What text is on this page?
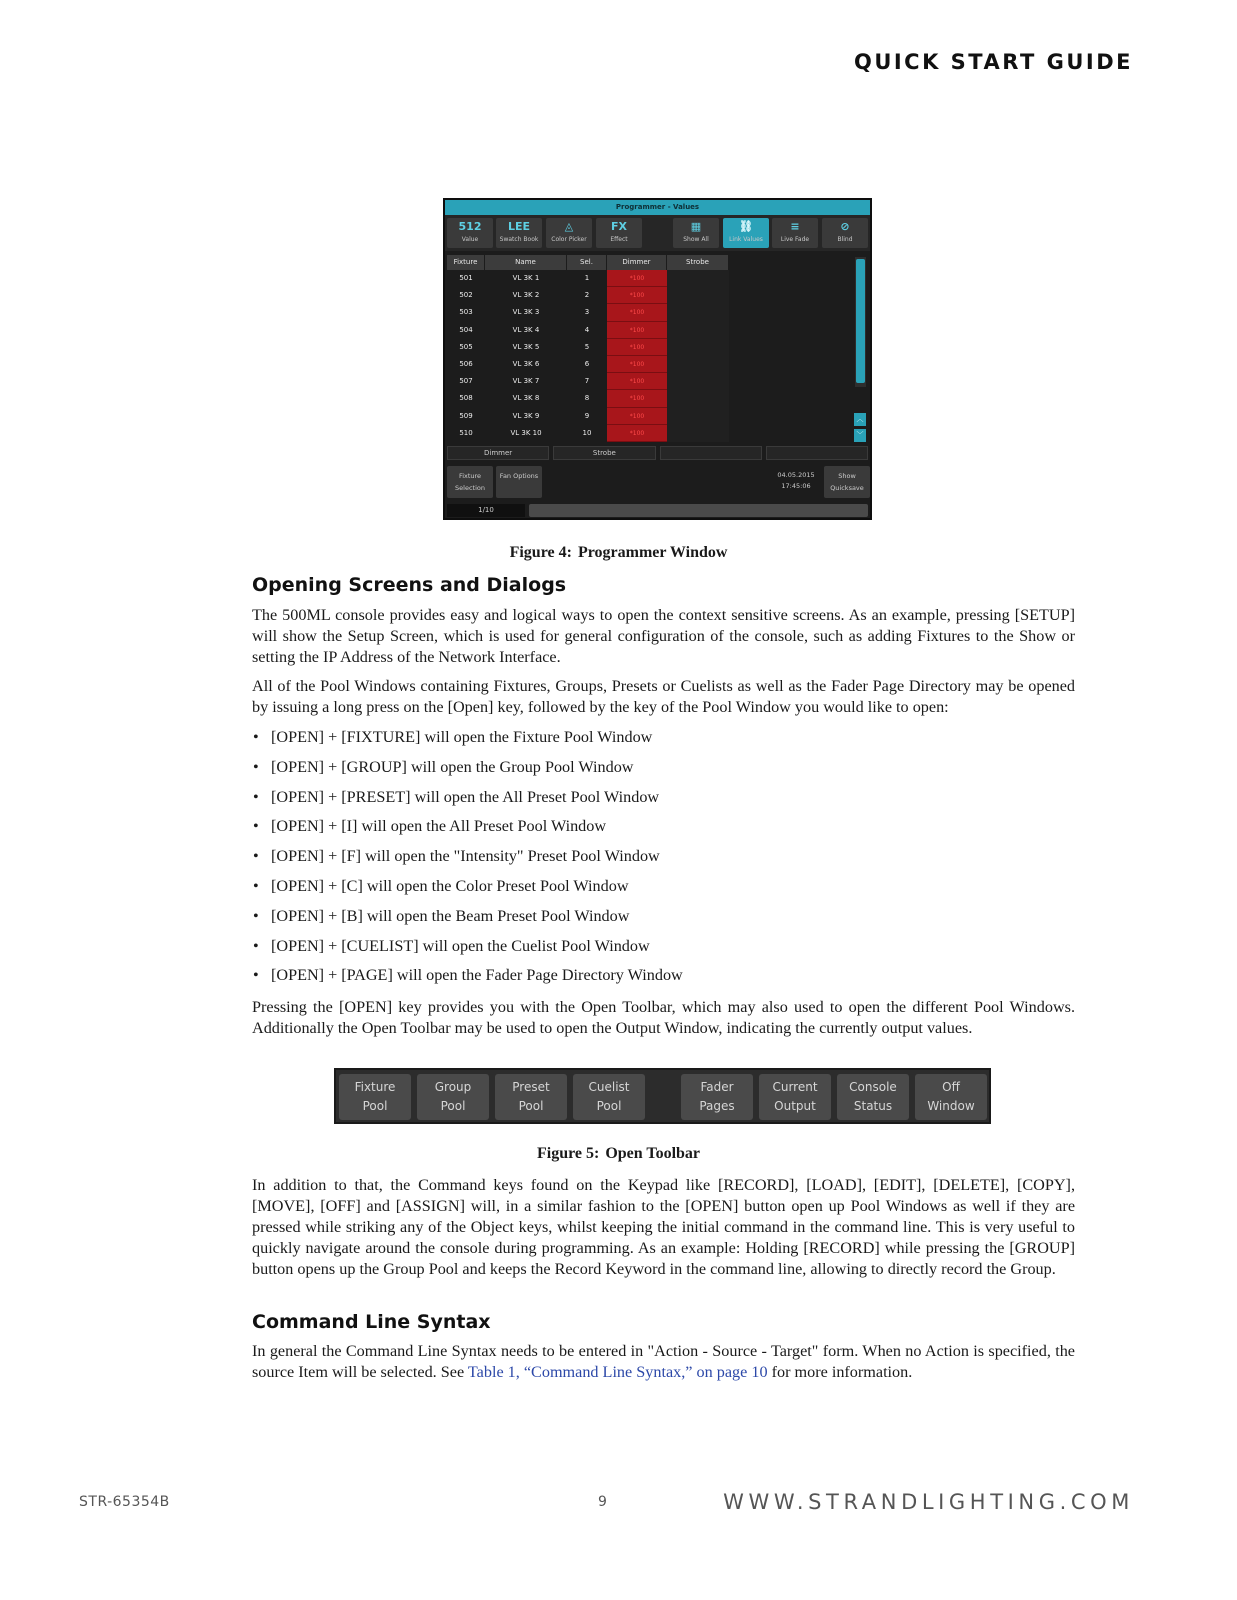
QUICK START GUIDE
Programmer - Values
512
Value
LEE
Swatch Book
◬
Color Picker
FX
Effect
▦
Show All
⛓
Link Values
≡
Live Fade
⊘
Blind
Fixture	Name	Sel.	Dimmer	Strobe
501	VL 3K 1	1	*100
502	VL 3K 2	2	*100
503	VL 3K 3	3	*100
504	VL 3K 4	4	*100
505	VL 3K 5	5	*100
506	VL 3K 6	6	*100
507	VL 3K 7	7	*100
508	VL 3K 8	8	*100
509	VL 3K 9	9	*100
510	VL 3K 10	10	*100
︿
﹀
Dimmer	Strobe
Fixture Selection
Fan Options	04.05.2015
17:45:06
Show Quicksave
1/10
Figure 4: Programmer Window
Opening Screens and Dialogs

The 500ML console provides easy and logical ways to open the context sensitive screens. As an example, pressing [SETUP] will show the Setup Screen, which is used for general configuration of the console, such as adding Fixtures to the Show or setting the IP Address of the Network Interface.

All of the Pool Windows containing Fixtures, Groups, Presets or Cuelists as well as the Fader Page Directory may be opened by issuing a long press on the [Open] key, followed by the key of the Pool Window you would like to open:

• [OPEN] + [FIXTURE] will open the Fixture Pool Window
• [OPEN] + [GROUP] will open the Group Pool Window
• [OPEN] + [PRESET] will open the All Preset Pool Window
• [OPEN] + [I] will open the All Preset Pool Window
• [OPEN] + [F] will open the "Intensity" Preset Pool Window
• [OPEN] + [C] will open the Color Preset Pool Window
• [OPEN] + [B] will open the Beam Preset Pool Window
• [OPEN] + [CUELIST] will open the Cuelist Pool Window
• [OPEN] + [PAGE] will open the Fader Page Directory Window

Pressing the [OPEN] key provides you with the Open Toolbar, which may also used to open the different Pool Windows. Additionally the Open Toolbar may be used to open the Output Window, indicating the currently output values.

Fixture
Pool
Group
Pool
Preset
Pool
Cuelist
Pool
Fader
Pages
Current
Output
Console
Status
Off
Window
Figure 5: Open Toolbar

In addition to that, the Command keys found on the Keypad like [RECORD], [LOAD], [EDIT], [DELETE], [COPY], [MOVE], [OFF] and [ASSIGN] will, in a similar fashion to the [OPEN] button open up Pool Windows as well if they are pressed while striking any of the Object keys, whilst keeping the initial command in the command line. This is very useful to quickly navigate around the console during programming. As an example: Holding [RECORD] while pressing the [GROUP] button opens up the Group Pool and keeps the Record Keyword in the command line, allowing to directly record the Group.

Command Line Syntax

In general the Command Line Syntax needs to be entered in "Action - Source - Target" form. When no Action is specified, the source Item will be selected. See Table 1, “Command Line Syntax,” on page 10 for more information.

STR-65354B	9	WWW.STRANDLIGHTING.COM
